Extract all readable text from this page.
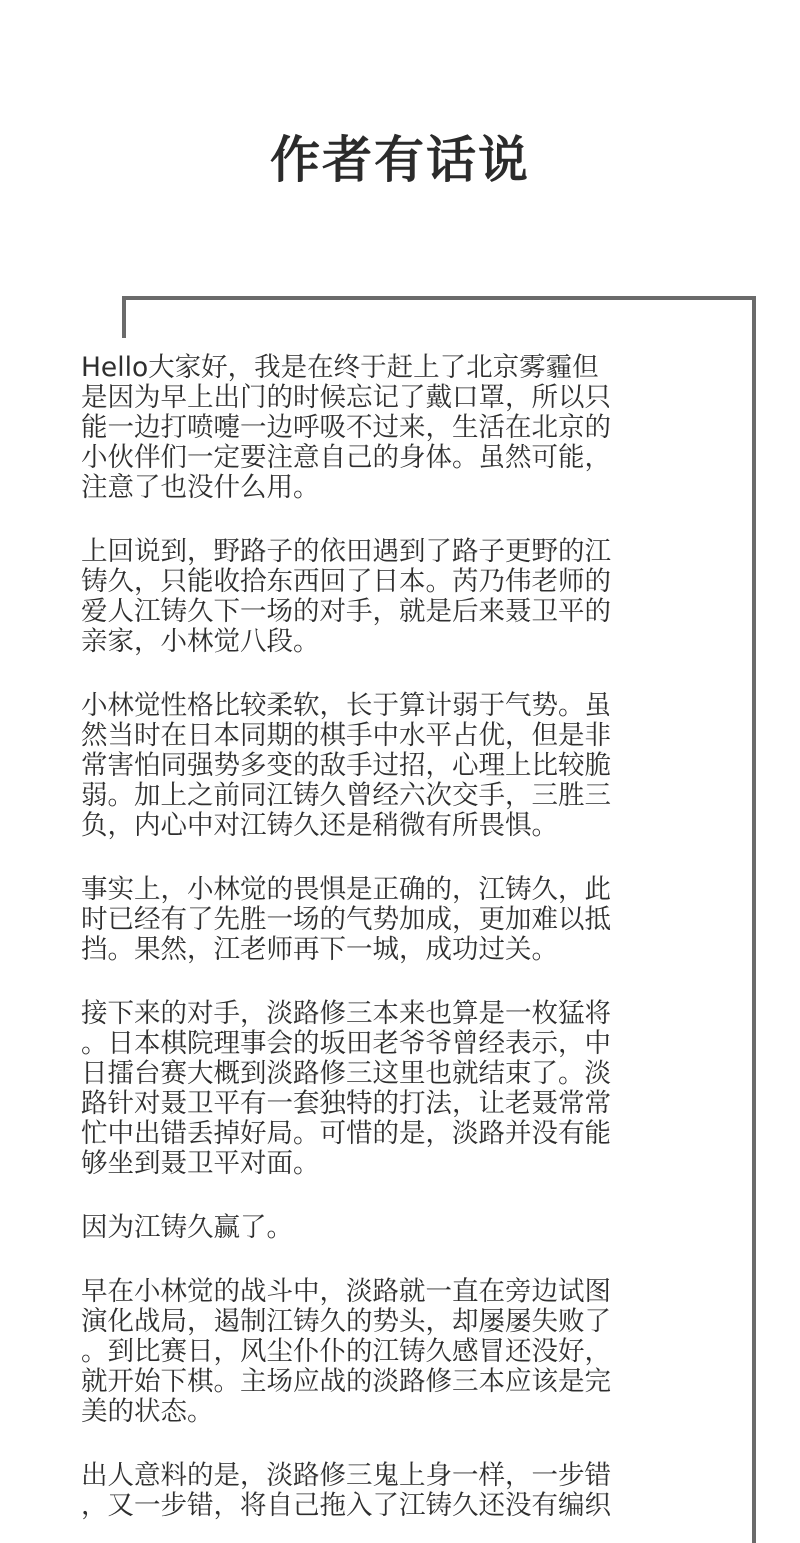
作者有话说

Hello大家好，我是在终于赶上了北京雾霾但
是因为早上出门的时候忘记了戴口罩，所以只
能一边打喷嚏一边呼吸不过来，生活在北京的
小伙伴们一定要注意自己的身体。虽然可能，
注意了也没什么用。

上回说到，野路子的依田遇到了路子更野的江
铸久，只能收拾东西回了日本。芮乃伟老师的
爱人江铸久下一场的对手，就是后来聂卫平的
亲家，小林觉八段。

小林觉性格比较柔软，长于算计弱于气势。虽
然当时在日本同期的棋手中水平占优，但是非
常害怕同强势多变的敌手过招，心理上比较脆
弱。加上之前同江铸久曾经六次交手，三胜三
负，内心中对江铸久还是稍微有所畏惧。

事实上，小林觉的畏惧是正确的，江铸久，此
时已经有了先胜一场的气势加成，更加难以抵
挡。果然，江老师再下一城，成功过关。

接下来的对手，淡路修三本来也算是一枚猛将
。日本棋院理事会的坂田老爷爷曾经表示，中
日擂台赛大概到淡路修三这里也就结束了。淡
路针对聂卫平有一套独特的打法，让老聂常常
忙中出错丢掉好局。可惜的是，淡路并没有能
够坐到聂卫平对面。

因为江铸久赢了。

早在小林觉的战斗中，淡路就一直在旁边试图
演化战局，遏制江铸久的势头，却屡屡失败了
。到比赛日，风尘仆仆的江铸久感冒还没好，
就开始下棋。主场应战的淡路修三本应该是完
美的状态。

出人意料的是，淡路修三鬼上身一样，一步错
，又一步错，将自己拖入了江铸久还没有编织
